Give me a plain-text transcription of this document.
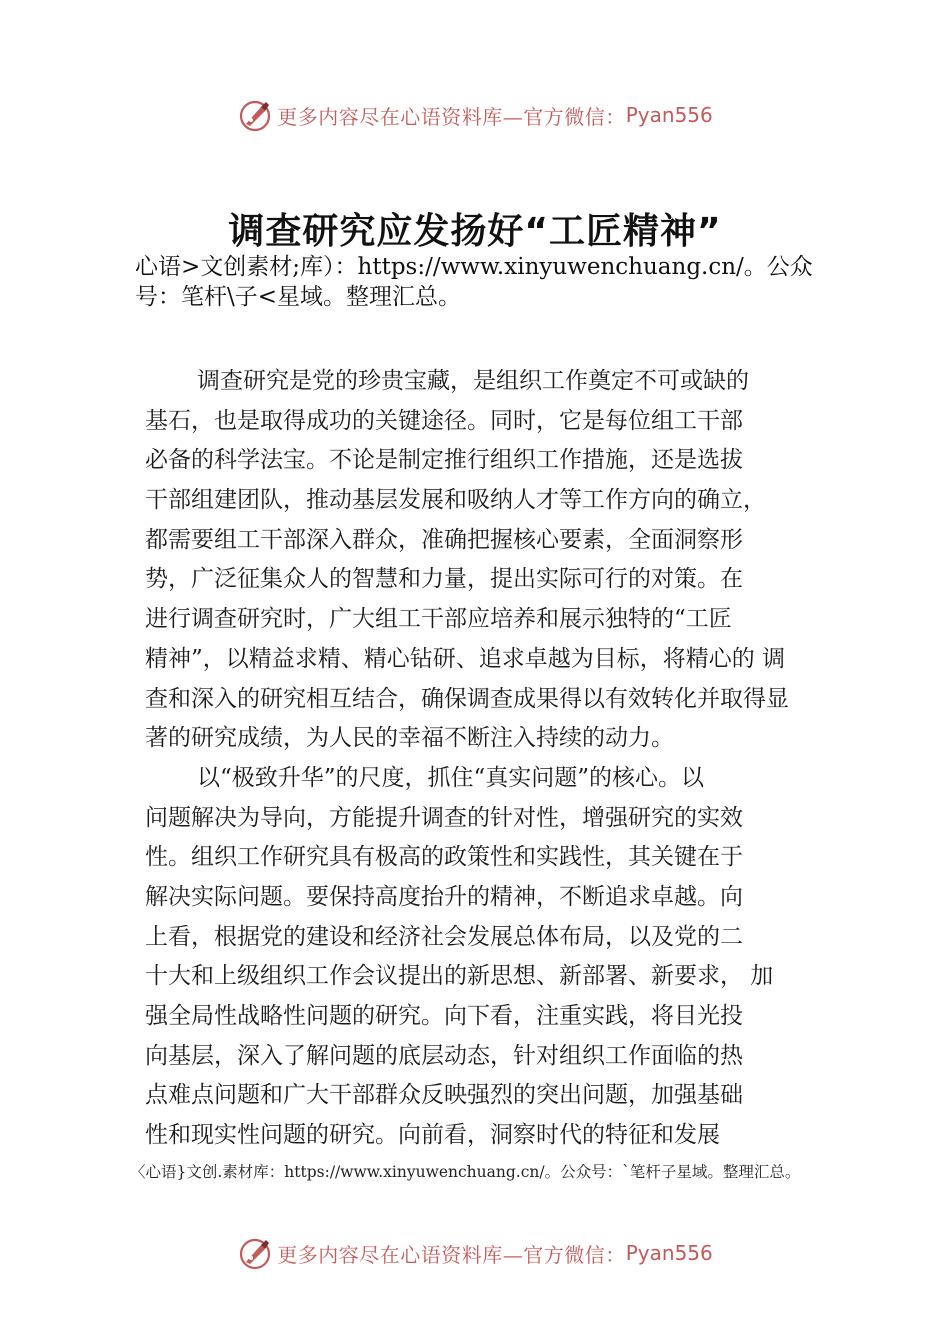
更多内容尽在心语资料库—官方微信： Pyan556
调查研究应发扬好“工匠精神”
心语>文创素材;库）：https://www.xinyuwenchuang.cn/。公众号：笔杆\子<星域。整理汇总。
调查研究是党的珍贵宝藏，是组织工作奠定不可或缺的
基石，也是取得成功的关键途径。同时，它是每位组工干部
必备的科学法宝。不论是制定推行组织工作措施，还是选拔
干部组建团队，推动基层发展和吸纳人才等工作方向的确立，
都需要组工干部深入群众，准确把握核心要素，全面洞察形
势，广泛征集众人的智慧和力量，提出实际可行的对策。在
进行调查研究时，广大组工干部应培养和展示独特的“工匠
精神”，以精益求精、精心钻研、追求卓越为目标，将精心的 调
查和深入的研究相互结合，确保调查成果得以有效转化并取得显
著的研究成绩，为人民的幸福不断注入持续的动力。
以“极致升华”的尺度，抓住“真实问题”的核心。以
问题解决为导向，方能提升调查的针对性，增强研究的实效
性。组织工作研究具有极高的政策性和实践性，其关键在于
解决实际问题。要保持高度抬升的精神，不断追求卓越。向
上看，根据党的建设和经济社会发展总体布局，以及党的二
十大和上级组织工作会议提出的新思想、新部署、新要求， 加
强全局性战略性问题的研究。向下看，注重实践，将目光投
向基层，深入了解问题的底层动态，针对组织工作面临的热
点难点问题和广大干部群众反映强烈的突出问题，加强基础
性和现实性问题的研究。向前看，洞察时代的特征和发展
〈心语}文创.素材库：https://www.xinyuwenchuang.cn/。公众号：`笔杆子星域。整理汇总。
更多内容尽在心语资料库—官方微信： Pyan556
